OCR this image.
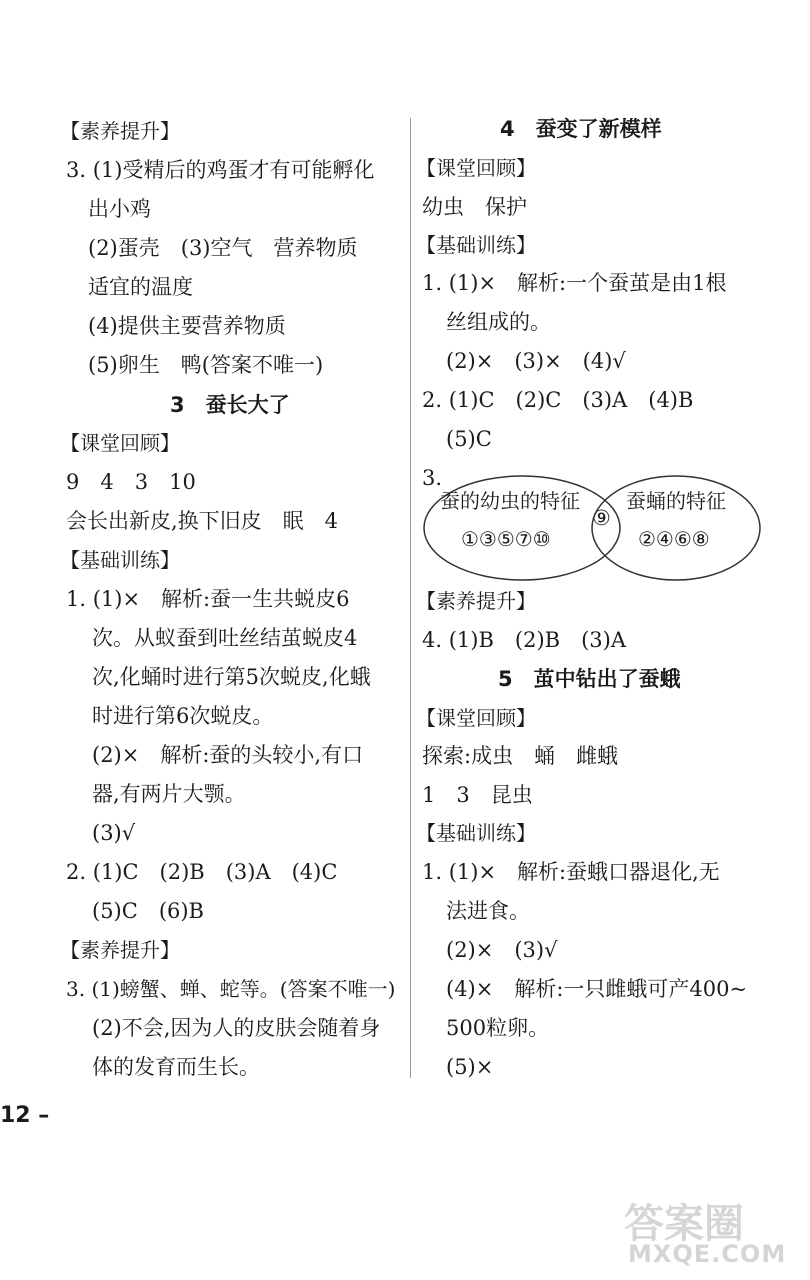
【素养提升】
3. (1)受精后的鸡蛋才有可能孵化
出小鸡
(2)蛋壳　(3)空气　营养物质
适宜的温度
(4)提供主要营养物质
(5)卵生　鸭(答案不唯一)
3　蚕长大了
【课堂回顾】
9　4　3　10
会长出新皮,换下旧皮　眠　4
【基础训练】
1. (1)×　解析:蚕一生共蜕皮6
次。从蚁蚕到吐丝结茧蜕皮4
次,化蛹时进行第5次蜕皮,化蛾
时进行第6次蜕皮。
(2)×　解析:蚕的头较小,有口
器,有两片大颚。
(3)√
2. (1)C　(2)B　(3)A　(4)C
(5)C　(6)B
【素养提升】
3. (1)螃蟹、蝉、蛇等。(答案不唯一)
(2)不会,因为人的皮肤会随着身
体的发育而生长。
4　蚕变了新模样
【课堂回顾】
幼虫　保护
【基础训练】
1. (1)×　解析:一个蚕茧是由1根
丝组成的。
(2)×　(3)×　(4)√
2. (1)C　(2)C　(3)A　(4)B
(5)C
3.
蚕的幼虫的特征 蚕蛹的特征
⑨
①③⑤⑦⑩	②④⑥⑧
【素养提升】
4. (1)B　(2)B　(3)A
5　茧中钻出了蚕蛾
【课堂回顾】
探索:成虫　蛹　雌蛾
1　3　昆虫
【基础训练】
1. (1)×　解析:蚕蛾口器退化,无
法进食。
(2)×　(3)√
(4)×　解析:一只雌蛾可产400~
500粒卵。
(5)×
12 –
答案圈
MXQE.COM
